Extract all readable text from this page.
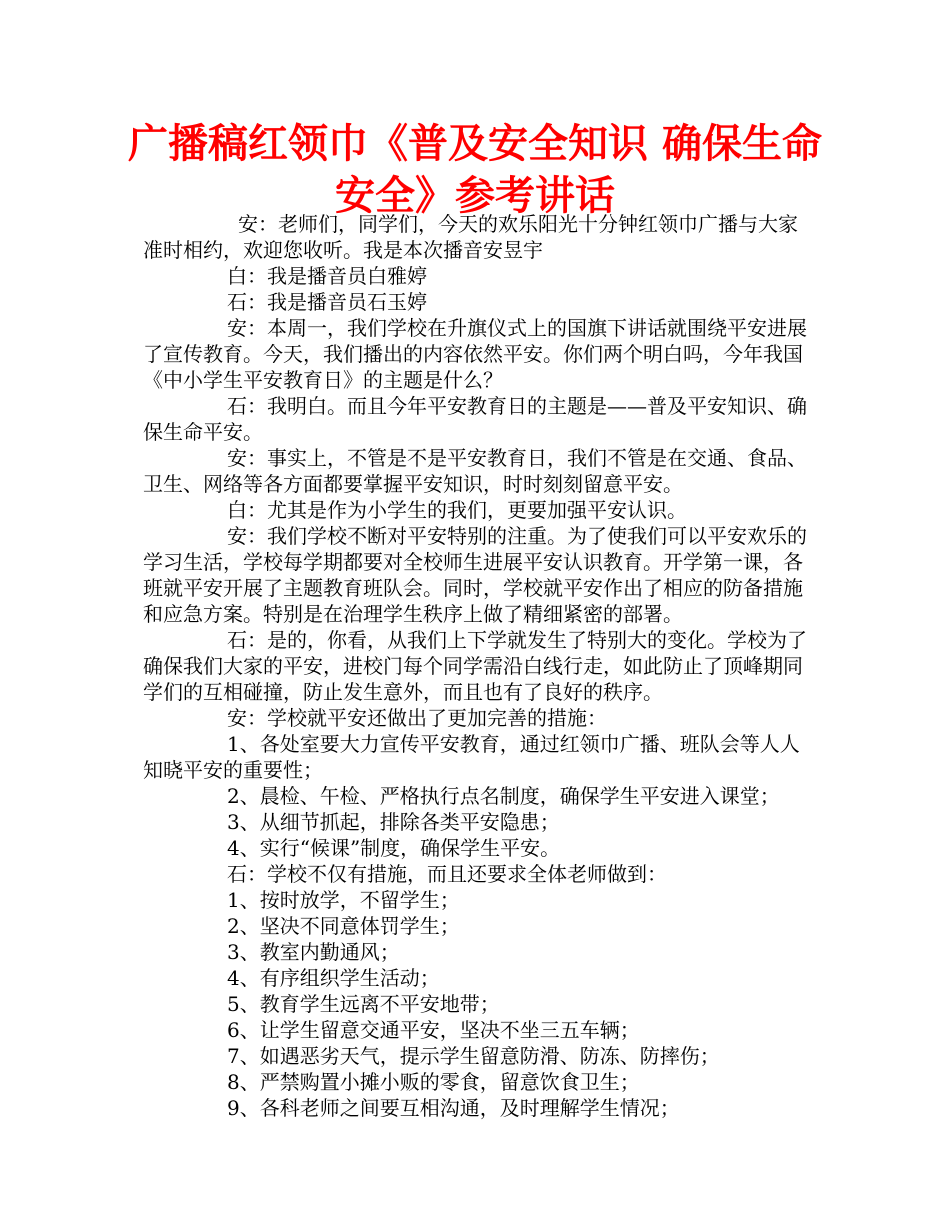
广播稿红领巾《普及安全知识 确保生命安全》参考讲话

安：老师们，同学们，今天的欢乐阳光十分钟红领巾广播与大家准时相约，欢迎您收听。我是本次播音安昱宇

白：我是播音员白雅婷

石：我是播音员石玉婷

安：本周一，我们学校在升旗仪式上的国旗下讲话就围绕平安进展了宣传教育。今天，我们播出的内容依然平安。你们两个明白吗，今年我国《中小学生平安教育日》的主题是什么？

石：我明白。而且今年平安教育日的主题是——普及平安知识、确保生命平安。

安：事实上，不管是不是平安教育日，我们不管是在交通、食品、卫生、网络等各方面都要掌握平安知识，时时刻刻留意平安。

白：尤其是作为小学生的我们，更要加强平安认识。

安：我们学校不断对平安特别的注重。为了使我们可以平安欢乐的学习生活，学校每学期都要对全校师生进展平安认识教育。开学第一课，各班就平安开展了主题教育班队会。同时，学校就平安作出了相应的防备措施和应急方案。特别是在治理学生秩序上做了精细紧密的部署。

石：是的，你看，从我们上下学就发生了特别大的变化。学校为了确保我们大家的平安，进校门每个同学需沿白线行走，如此防止了顶峰期同学们的互相碰撞，防止发生意外，而且也有了良好的秩序。

安：学校就平安还做出了更加完善的措施：

1、各处室要大力宣传平安教育，通过红领巾广播、班队会等人人知晓平安的重要性；

2、晨检、午检、严格执行点名制度，确保学生平安进入课堂；

3、从细节抓起，排除各类平安隐患；

4、实行“候课”制度，确保学生平安。

石：学校不仅有措施，而且还要求全体老师做到：

1、按时放学，不留学生；

2、坚决不同意体罚学生；

3、教室内勤通风；

4、有序组织学生活动；

5、教育学生远离不平安地带；

6、让学生留意交通平安，坚决不坐三五车辆；

7、如遇恶劣天气，提示学生留意防滑、防冻、防摔伤；

8、严禁购置小摊小贩的零食，留意饮食卫生；

9、各科老师之间要互相沟通，及时理解学生情况；
